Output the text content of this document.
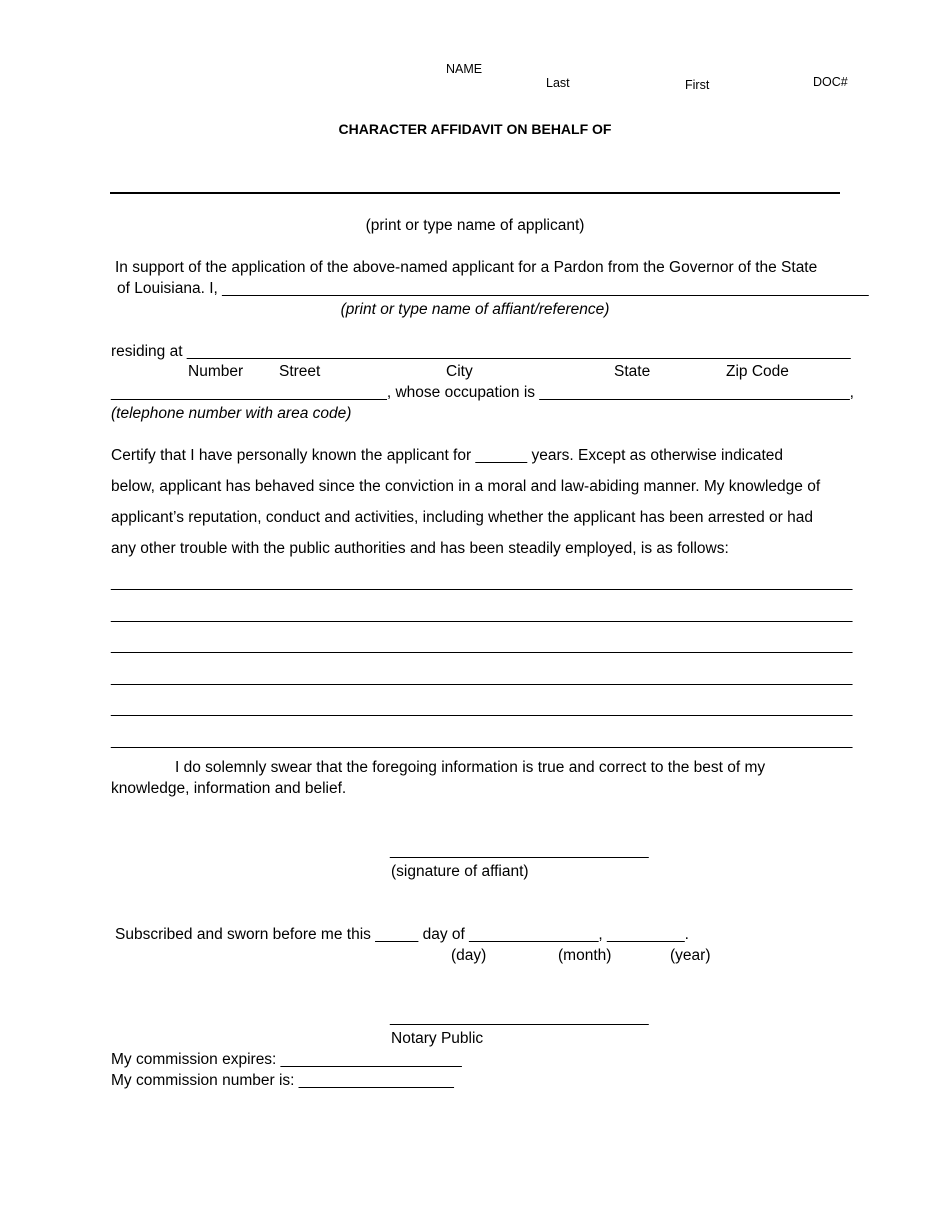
NAME
Last	First	DOC#
CHARACTER AFFIDAVIT ON BEHALF OF
(print or type name of applicant)
In support of the application of the above-named applicant for a Pardon from the Governor of the State
of Louisiana. I, ___________________________________________________________________________
(print or type name of affiant/reference)
residing at _____________________________________________________________________________
Number Street	City	State	Zip Code
________________________________, whose occupation is ____________________________________,
(telephone number with area code)
Certify that I have personally known the applicant for ______ years. Except as otherwise indicated
below, applicant has behaved since the conviction in a moral and law-abiding manner. My knowledge of
applicant’s reputation, conduct and activities, including whether the applicant has been arrested or had
any other trouble with the public authorities and has been steadily employed, is as follows:
______________________________________________________________________________________
______________________________________________________________________________________
______________________________________________________________________________________
______________________________________________________________________________________
______________________________________________________________________________________
______________________________________________________________________________________
I do solemnly swear that the foregoing information is true and correct to the best of my
knowledge, information and belief.
______________________________
(signature of affiant)
Subscribed and sworn before me this _____ day of _______________, _________.
(day)	(month)	(year)
______________________________
Notary Public
My commission expires: _____________________
My commission number is: __________________
